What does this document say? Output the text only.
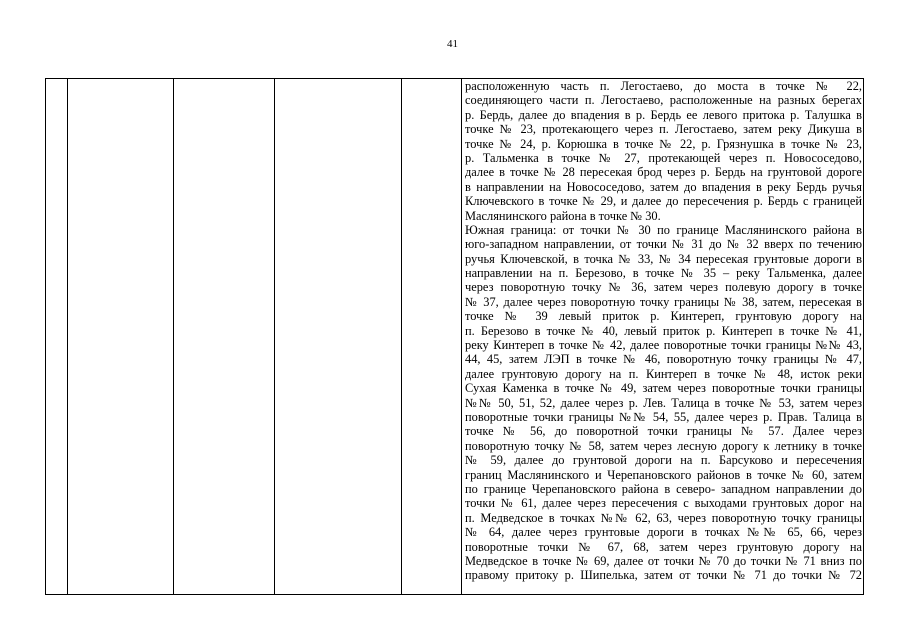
41

расположенную часть п. Легостаево, до моста в точке № 22,
соединяющего части п. Легостаево, расположенные на разных берегах
р. Бердь, далее до впадения в р. Бердь ее левого притока р. Талушка в
точке № 23, протекающего через п. Легостаево, затем реку Дикуша в
точке № 24, р. Корюшка в точке № 22, р. Грязнушка в точке № 23,
р. Тальменка в точке № 27, протекающей через п. Новососедово,
далее в точке № 28 пересекая брод через р. Бердь на грунтовой дороге
в направлении на Новососедово, затем до впадения в реку Бердь ручья
Ключевского в точке № 29, и далее до пересечения р. Бердь с границей
Маслянинского района в точке № 30.
Южная граница: от точки № 30 по границе Маслянинского района в
юго-западном направлении, от точки № 31 до № 32 вверх по течению
ручья Ключевской, в точка № 33, № 34 пересекая грунтовые дороги в
направлении на п. Березово, в точке № 35 – реку Тальменка, далее
через поворотную точку № 36, затем через полевую дорогу в точке
№ 37, далее через поворотную точку границы № 38, затем, пересекая в
точке № 39 левый приток р. Кинтереп, грунтовую дорогу на
п. Березово в точке № 40, левый приток р. Кинтереп в точке № 41,
реку Кинтереп в точке № 42, далее поворотные точки границы №№ 43,
44, 45, затем ЛЭП в точке № 46, поворотную точку границы № 47,
далее грунтовую дорогу на п. Кинтереп в точке № 48, исток реки
Сухая Каменка в точке № 49, затем через поворотные точки границы
№№ 50, 51, 52, далее через р. Лев. Талица в точке № 53, затем через
поворотные точки границы №№ 54, 55, далее через р. Прав. Талица в
точке № 56, до поворотной точки границы № 57. Далее через
поворотную точку № 58, затем через лесную дорогу к летнику в точке
№ 59, далее до грунтовой дороги на п. Барсуково и пересечения
границ Маслянинского и Черепановского районов в точке № 60, затем
по границе Черепановского района в северо- западном направлении до
точки № 61, далее через пересечения с выходами грунтовых дорог на
п. Медведское в точках №№ 62, 63, через поворотную точку границы
№ 64, далее через грунтовые дороги в точках №№ 65, 66, через
поворотные точки № 67, 68, затем через грунтовую дорогу на
Медведское в точке № 69, далее от точки № 70 до точки № 71 вниз по
правому притоку р. Шипелька, затем от точки № 71 до точки № 72
